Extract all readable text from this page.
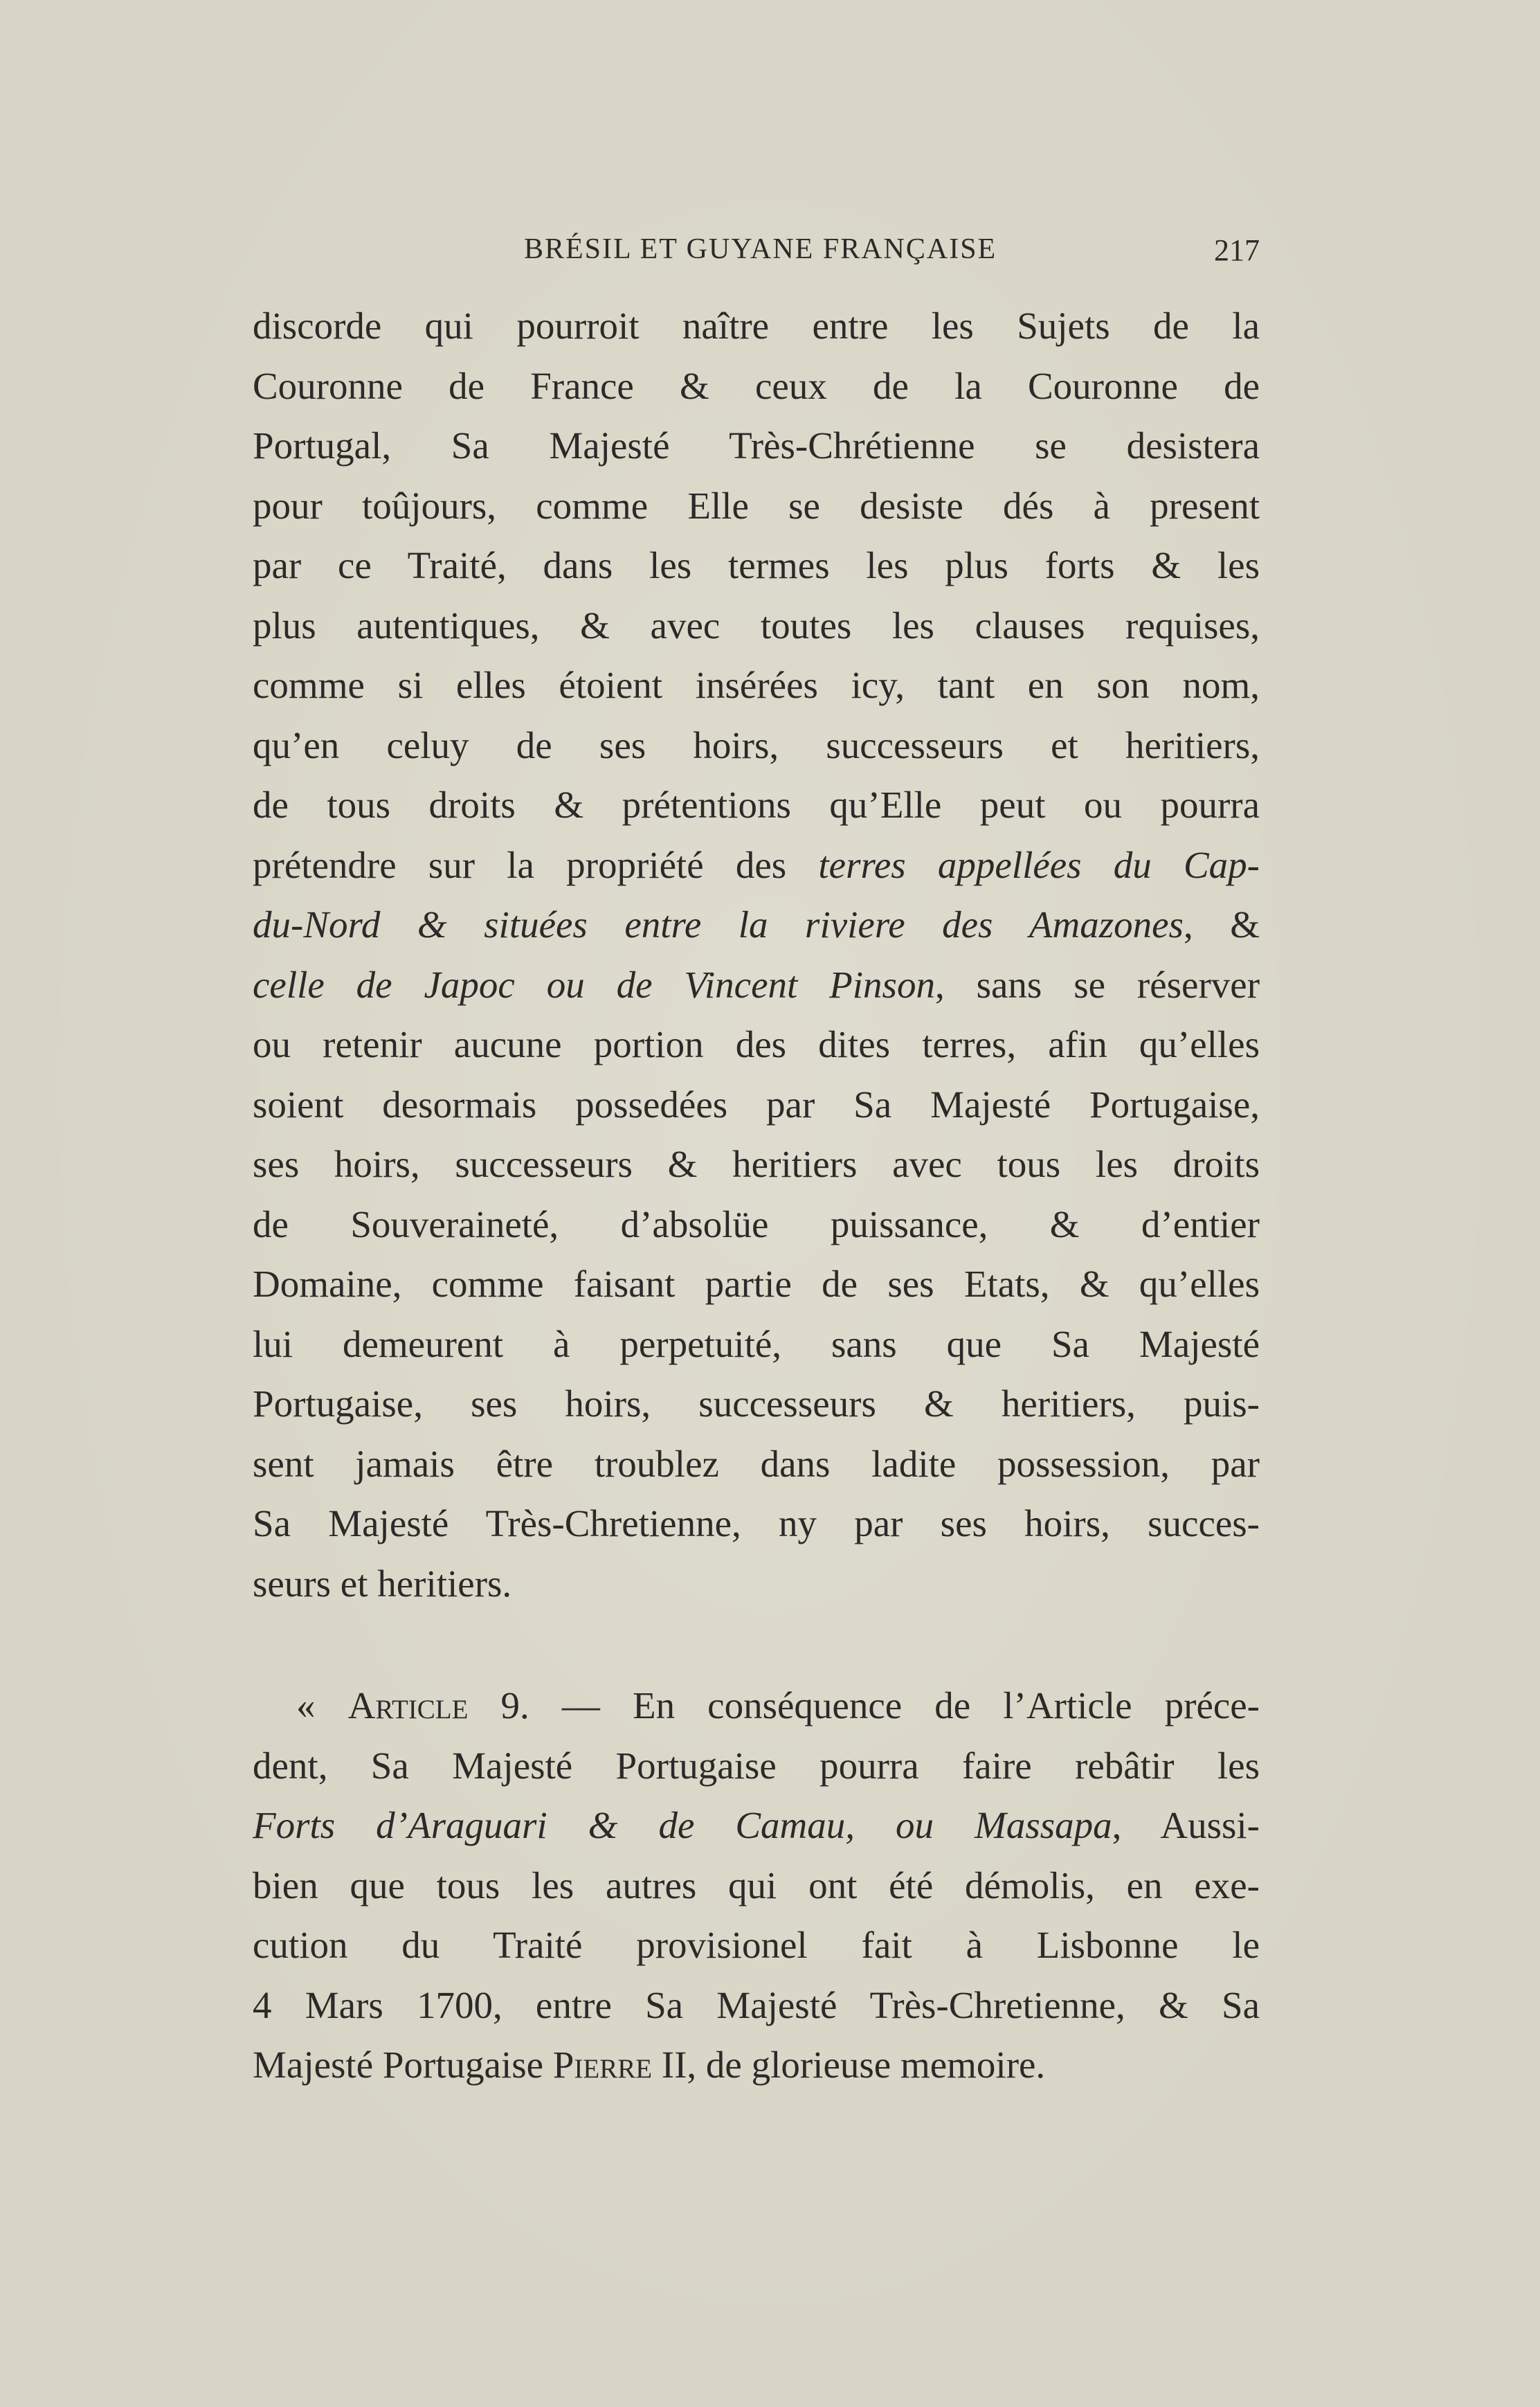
BRÉSIL ET GUYANE FRANÇAISE	217
discorde qui pourroit naître entre les Sujets de la
Couronne de France & ceux de la Couronne de
Portugal, Sa Majesté Très-Chrétienne se desistera
pour toûjours, comme Elle se desiste dés à present
par ce Traité, dans les termes les plus forts & les
plus autentiques, & avec toutes les clauses requises,
comme si elles étoient insérées icy, tant en son nom,
qu’en celuy de ses hoirs, successeurs et heritiers,
de tous droits & prétentions qu’Elle peut ou pourra
prétendre sur la propriété des terres appellées du Cap-
du-Nord & situées entre la riviere des Amazones, &
celle de Japoc ou de Vincent Pinson, sans se réserver
ou retenir aucune portion des dites terres, afin qu’elles
soient desormais possedées par Sa Majesté Portugaise,
ses hoirs, successeurs & heritiers avec tous les droits
de Souveraineté, d’absolüe puissance, & d’entier
Domaine, comme faisant partie de ses Etats, & qu’elles
lui demeurent à perpetuité, sans que Sa Majesté
Portugaise, ses hoirs, successeurs & heritiers, puis-
sent jamais être troublez dans ladite possession, par
Sa Majesté Très-Chretienne, ny par ses hoirs, succes-
seurs et heritiers.
« Article 9. — En conséquence de l’Article préce-
dent, Sa Majesté Portugaise pourra faire rebâtir les
Forts d’Araguari & de Camau, ou Massapa, Aussi-
bien que tous les autres qui ont été démolis, en exe-
cution du Traité provisionel fait à Lisbonne le
4 Mars 1700, entre Sa Majesté Très-Chretienne, & Sa
Majesté Portugaise Pierre II, de glorieuse memoire.
